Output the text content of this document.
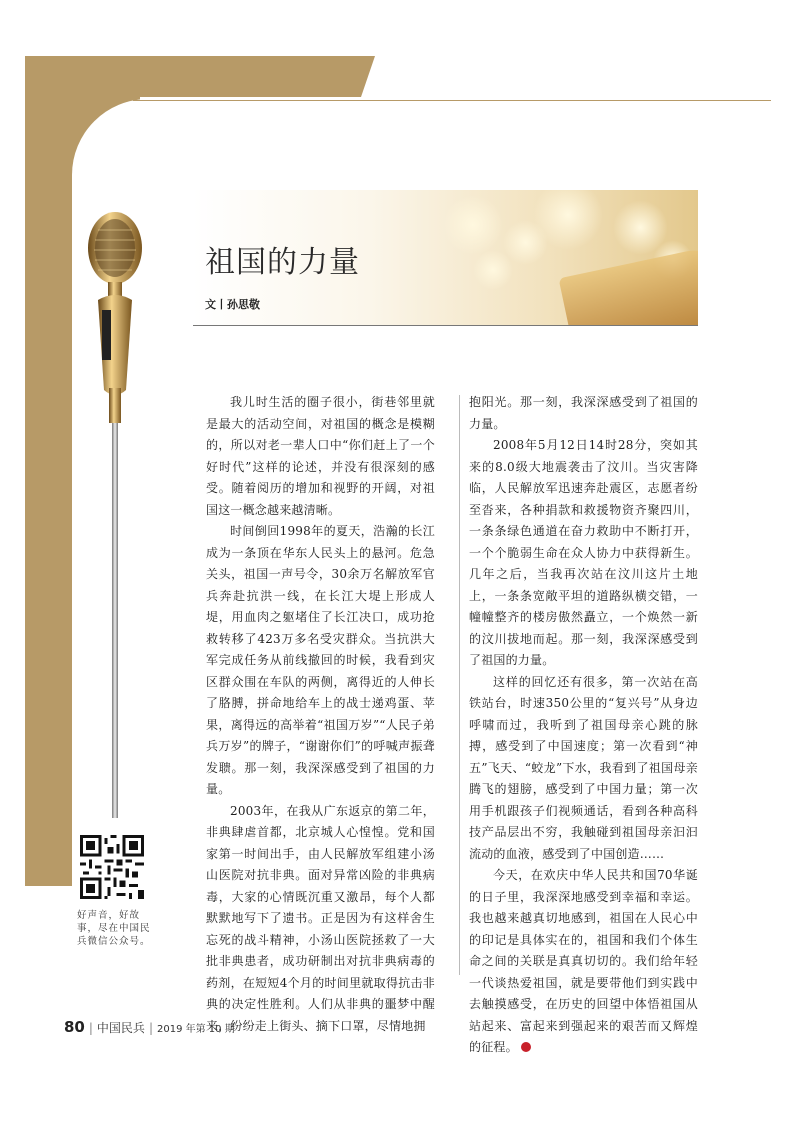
祖国的力量
文丨孙思敬

我儿时生活的圈子很小，街巷邻里就是最大的活动空间，对祖国的概念是模糊的，所以对老一辈人口中“你们赶上了一个好时代”这样的论述，并没有很深刻的感受。随着阅历的增加和视野的开阔，对祖国这一概念越来越清晰。

时间倒回1998年的夏天，浩瀚的长江成为一条顶在华东人民头上的悬河。危急关头，祖国一声号令，30余万名解放军官兵奔赴抗洪一线，在长江大堤上形成人堤，用血肉之躯堵住了长江决口，成功抢救转移了423万多名受灾群众。当抗洪大军完成任务从前线撤回的时候，我看到灾区群众围在车队的两侧，离得近的人伸长了胳膊，拼命地给车上的战士递鸡蛋、苹果，离得远的高举着“祖国万岁”“人民子弟兵万岁”的牌子，“谢谢你们”的呼喊声振聋发聩。那一刻，我深深感受到了祖国的力量。

2003年，在我从广东返京的第二年，非典肆虐首都，北京城人心惶惶。党和国家第一时间出手，由人民解放军组建小汤山医院对抗非典。面对异常凶险的非典病毒，大家的心情既沉重又激昂，每个人都默默地写下了遗书。正是因为有这样舍生忘死的战斗精神，小汤山医院拯救了一大批非典患者，成功研制出对抗非典病毒的药剂，在短短4个月的时间里就取得抗击非典的决定性胜利。人们从非典的噩梦中醒来，纷纷走上街头、摘下口罩，尽情地拥

抱阳光。那一刻，我深深感受到了祖国的力量。

2008年5月12日14时28分，突如其来的8.0级大地震袭击了汶川。当灾害降临，人民解放军迅速奔赴震区，志愿者纷至沓来，各种捐款和救援物资齐聚四川，一条条绿色通道在奋力救助中不断打开，一个个脆弱生命在众人协力中获得新生。几年之后，当我再次站在汶川这片土地上，一条条宽敞平坦的道路纵横交错，一幢幢整齐的楼房傲然矗立，一个焕然一新的汶川拔地而起。那一刻，我深深感受到了祖国的力量。

这样的回忆还有很多，第一次站在高铁站台，时速350公里的“复兴号”从身边呼啸而过，我听到了祖国母亲心跳的脉搏，感受到了中国速度；第一次看到“神五”飞天、“蛟龙”下水，我看到了祖国母亲腾飞的翅膀，感受到了中国力量；第一次用手机跟孩子们视频通话，看到各种高科技产品层出不穷，我触碰到祖国母亲汩汩流动的血液，感受到了中国创造……

今天，在欢庆中华人民共和国70华诞的日子里，我深深地感受到幸福和幸运。我也越来越真切地感到，祖国在人民心中的印记是具体实在的，祖国和我们个体生命之间的关联是真真切切的。我们给年轻一代谈热爱祖国，就是要带他们到实践中去触摸感受，在历史的回望中体悟祖国从站起来、富起来到强起来的艰苦而又辉煌的征程。

好声音，好故事，尽在中国民兵微信公众号。
80 | 中国民兵 | 2019 年第 10 期
